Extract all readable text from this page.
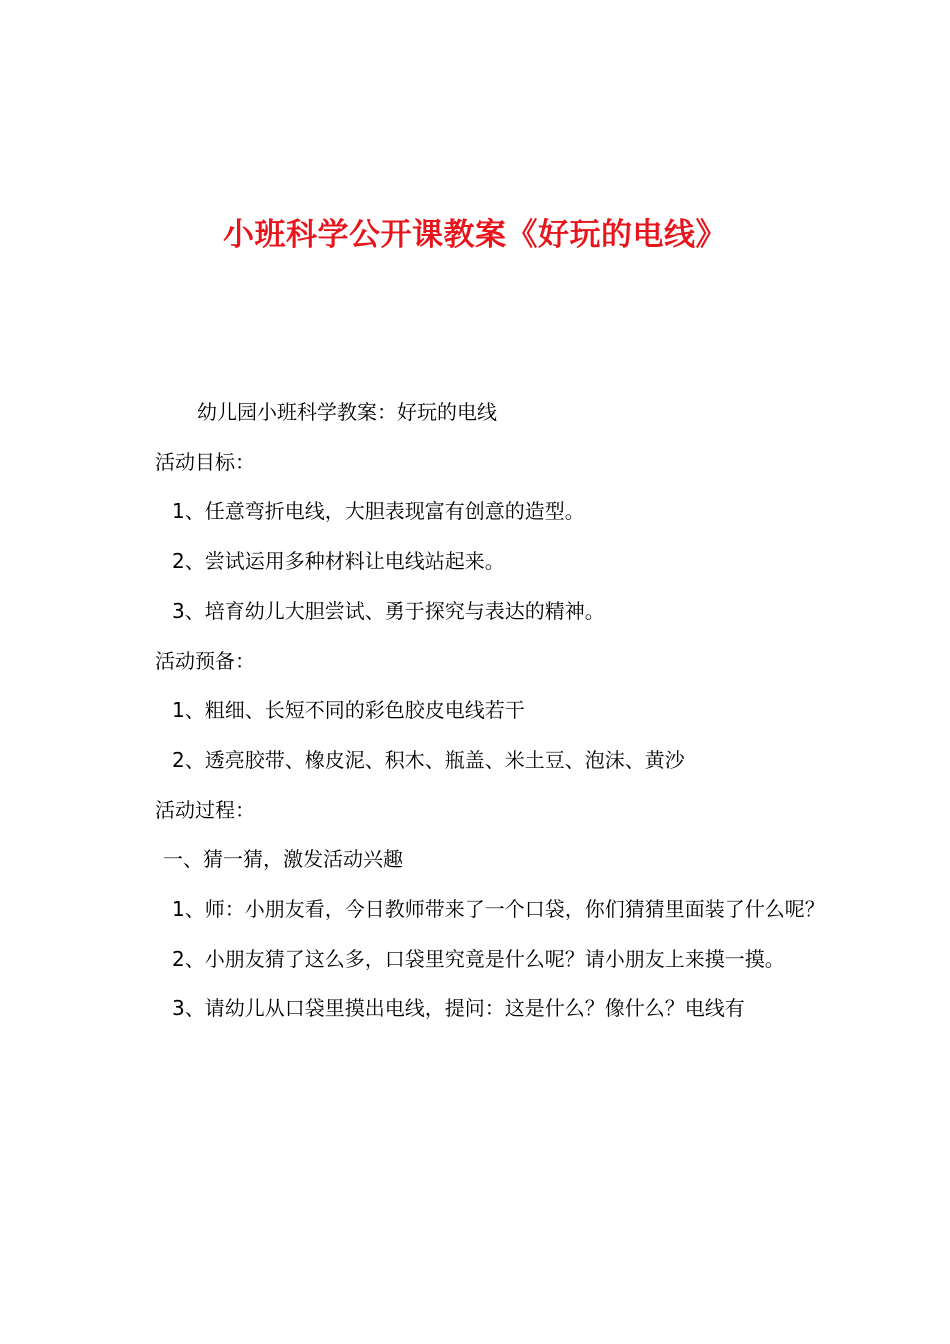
小班科学公开课教案《好玩的电线》

幼儿园小班科学教案：好玩的电线

活动目标：

1、任意弯折电线，大胆表现富有创意的造型。

2、尝试运用多种材料让电线站起来。

3、培育幼儿大胆尝试、勇于探究与表达的精神。

活动预备：

1、粗细、长短不同的彩色胶皮电线若干

2、透亮胶带、橡皮泥、积木、瓶盖、米土豆、泡沫、黄沙

活动过程：

一、猜一猜，激发活动兴趣

1、师：小朋友看，今日教师带来了一个口袋，你们猜猜里面装了什么呢？

2、小朋友猜了这么多，口袋里究竟是什么呢？请小朋友上来摸一摸。

3、请幼儿从口袋里摸出电线，提问：这是什么？像什么？电线有
